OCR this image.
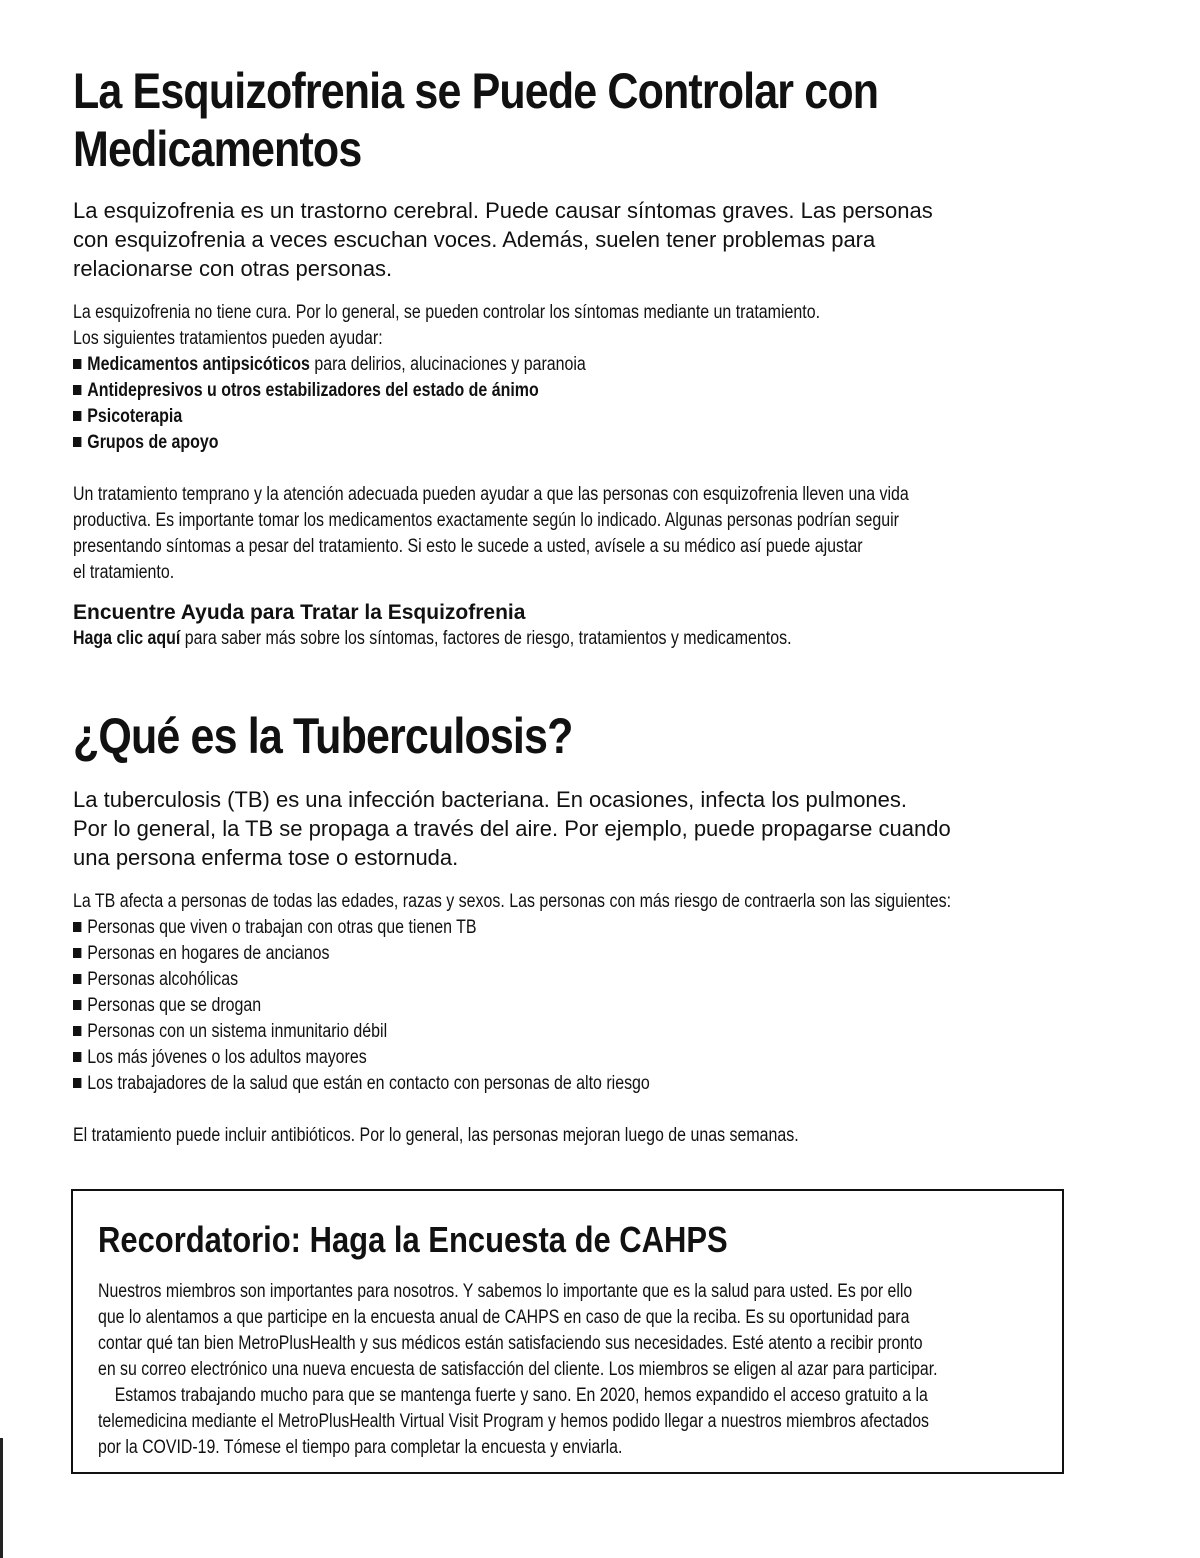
La Esquizofrenia se Puede Controlar con
Medicamentos
La esquizofrenia es un trastorno cerebral. Puede causar síntomas graves. Las personas
con esquizofrenia a veces escuchan voces. Además, suelen tener problemas para
relacionarse con otras personas.

La esquizofrenia no tiene cura. Por lo general, se pueden controlar los síntomas mediante un tratamiento.

Los siguientes tratamientos pueden ayudar:

Medicamentos antipsicóticos para delirios, alucinaciones y paranoia
Antidepresivos u otros estabilizadores del estado de ánimo
Psicoterapia
Grupos de apoyo

Un tratamiento temprano y la atención adecuada pueden ayudar a que las personas con esquizofrenia lleven una vida

productiva. Es importante tomar los medicamentos exactamente según lo indicado. Algunas personas podrían seguir

presentando síntomas a pesar del tratamiento. Si esto le sucede a usted, avísele a su médico así puede ajustar

el tratamiento.

Encuentre Ayuda para Tratar la Esquizofrenia

Haga clic aquí para saber más sobre los síntomas, factores de riesgo, tratamientos y medicamentos.
¿Qué es la Tuberculosis?
La tuberculosis (TB) es una infección bacteriana. En ocasiones, infecta los pulmones.
Por lo general, la TB se propaga a través del aire. Por ejemplo, puede propagarse cuando
una persona enferma tose o estornuda.

La TB afecta a personas de todas las edades, razas y sexos. Las personas con más riesgo de contraerla son las siguientes:

Personas que viven o trabajan con otras que tienen TB
Personas en hogares de ancianos
Personas alcohólicas
Personas que se drogan
Personas con un sistema inmunitario débil
Los más jóvenes o los adultos mayores
Los trabajadores de la salud que están en contacto con personas de alto riesgo

El tratamiento puede incluir antibióticos. Por lo general, las personas mejoran luego de unas semanas.

Recordatorio: Haga la Encuesta de CAHPS

Nuestros miembros son importantes para nosotros. Y sabemos lo importante que es la salud para usted. Es por ello

que lo alentamos a que participe en la encuesta anual de CAHPS en caso de que la reciba. Es su oportunidad para

contar qué tan bien MetroPlusHealth y sus médicos están satisfaciendo sus necesidades. Esté atento a recibir pronto

en su correo electrónico una nueva encuesta de satisfacción del cliente. Los miembros se eligen al azar para participar.

Estamos trabajando mucho para que se mantenga fuerte y sano. En 2020, hemos expandido el acceso gratuito a la

telemedicina mediante el MetroPlusHealth Virtual Visit Program y hemos podido llegar a nuestros miembros afectados

por la COVID-19. Tómese el tiempo para completar la encuesta y enviarla.
